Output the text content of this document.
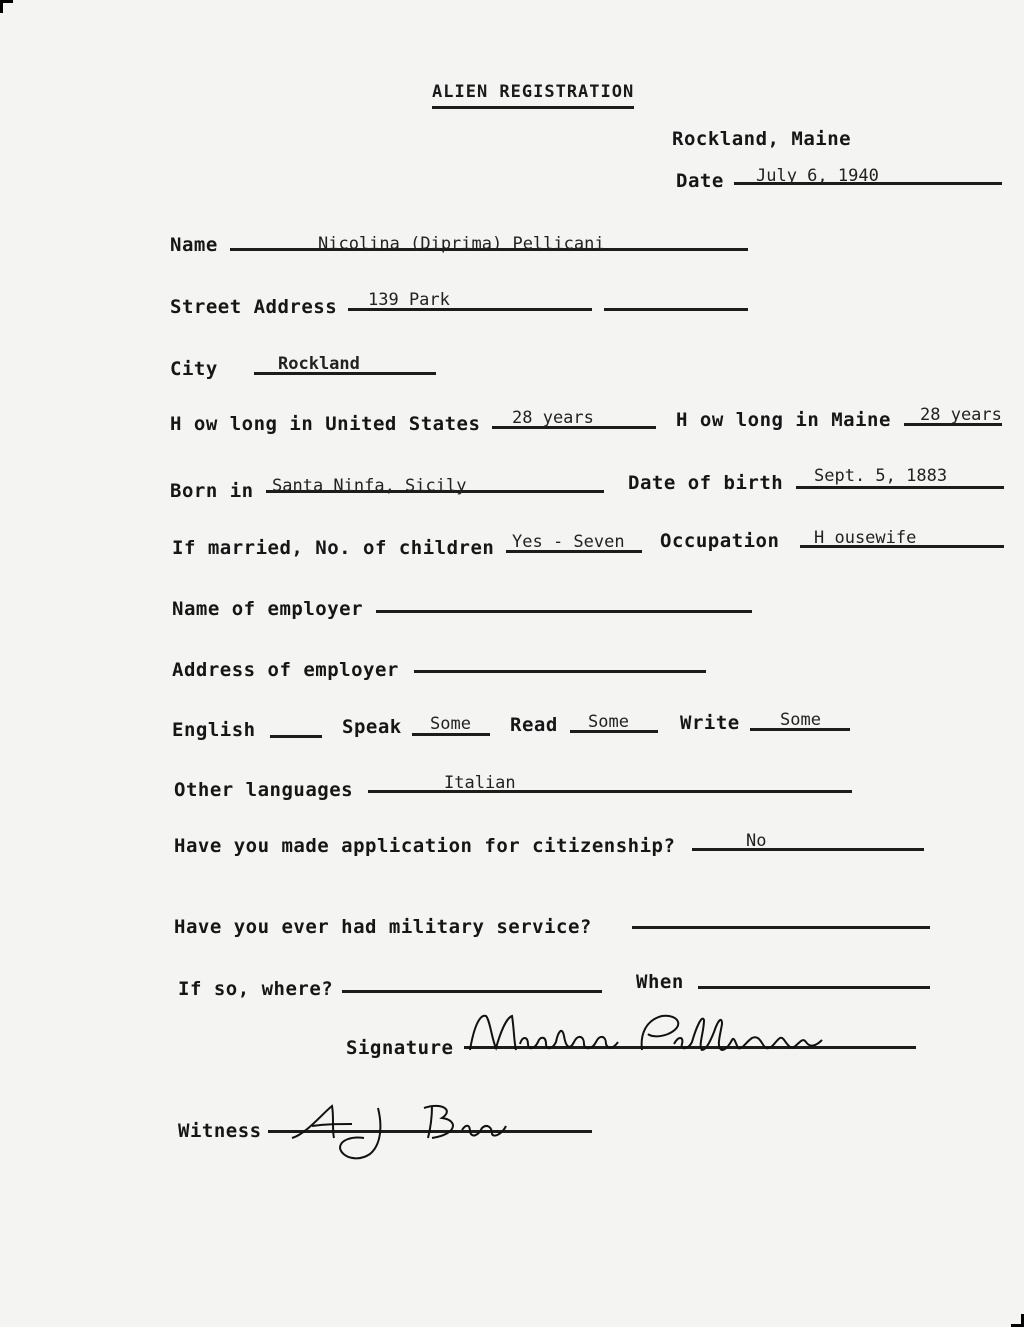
ALIEN REGISTRATION
Rockland, Maine
Date July 6, 1940
Name	Nicolina (Diprima) Pellicani
Street Address 139 Park
City	Rockland
H ow long in United States 28 years	H ow long in Maine 28 years
Born in Santa Ninfa, Sicily	Date of birth Sept. 5, 1883
If married, No. of children Yes - Seven Occupation H ousewife
Name of employer
Address of employer
English	Speak Some Read Some	Write Some
Other languages	Italian
Have you made application for citizenship?	No
Have you ever had military service?
If so, where?	When
Signature
Witness
